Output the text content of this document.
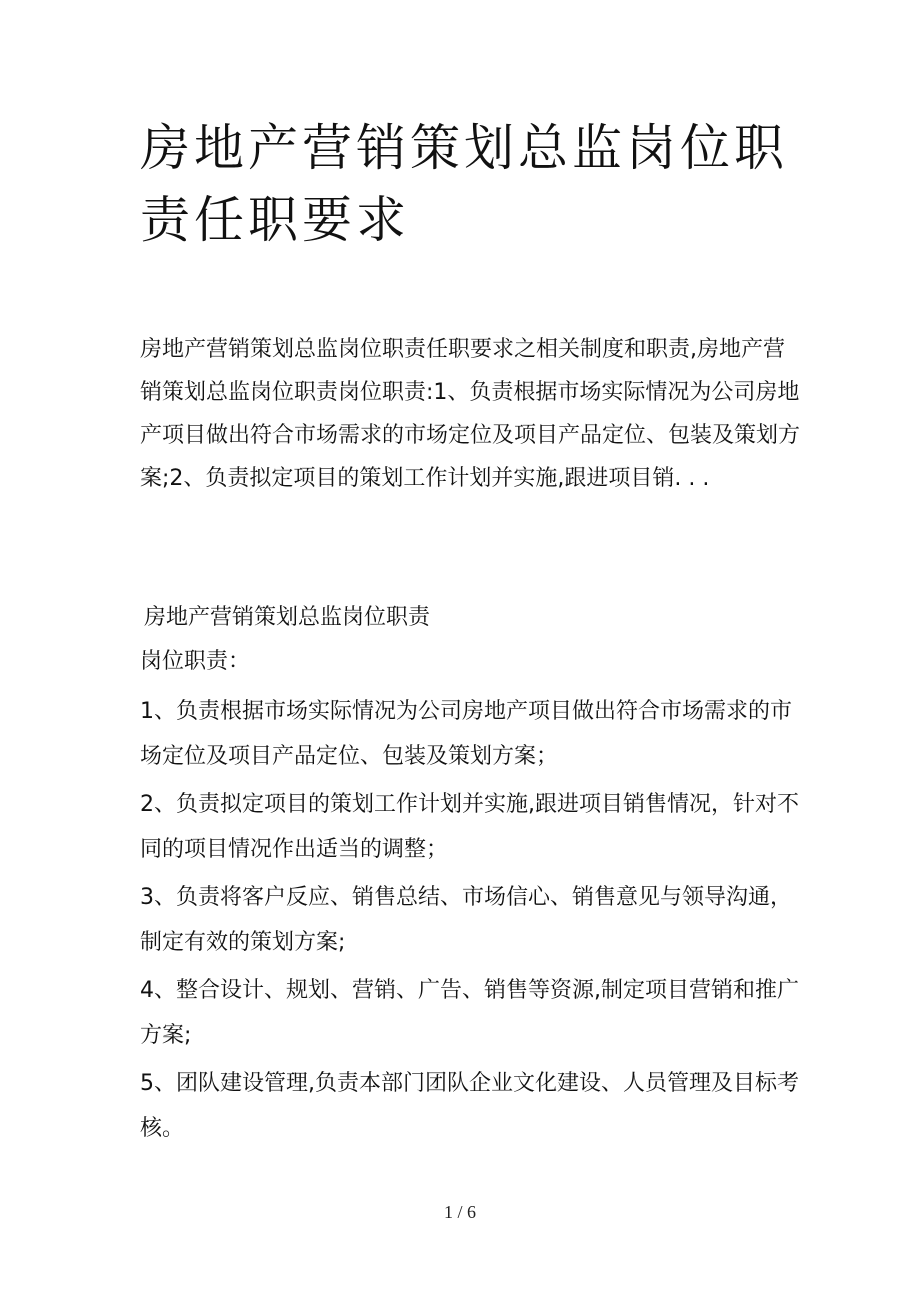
房地产营销策划总监岗位职责任职要求

房地产营销策划总监岗位职责任职要求之相关制度和职责,房地产营销策划总监岗位职责岗位职责:1、负责根据市场实际情况为公司房地产项目做出符合市场需求的市场定位及项目产品定位、包装及策划方案;2、负责拟定项目的策划工作计划并实施,跟进项目销. . .

房地产营销策划总监岗位职责

岗位职责：

1、负责根据市场实际情况为公司房地产项目做出符合市场需求的市场定位及项目产品定位、包装及策划方案；

2、负责拟定项目的策划工作计划并实施,跟进项目销售情况，针对不同的项目情况作出适当的调整；

3、负责将客户反应、销售总结、市场信心、销售意见与领导沟通，制定有效的策划方案;

4、整合设计、规划、营销、广告、销售等资源,制定项目营销和推广方案;

5、团队建设管理,负责本部门团队企业文化建设、人员管理及目标考核。

1 / 6
